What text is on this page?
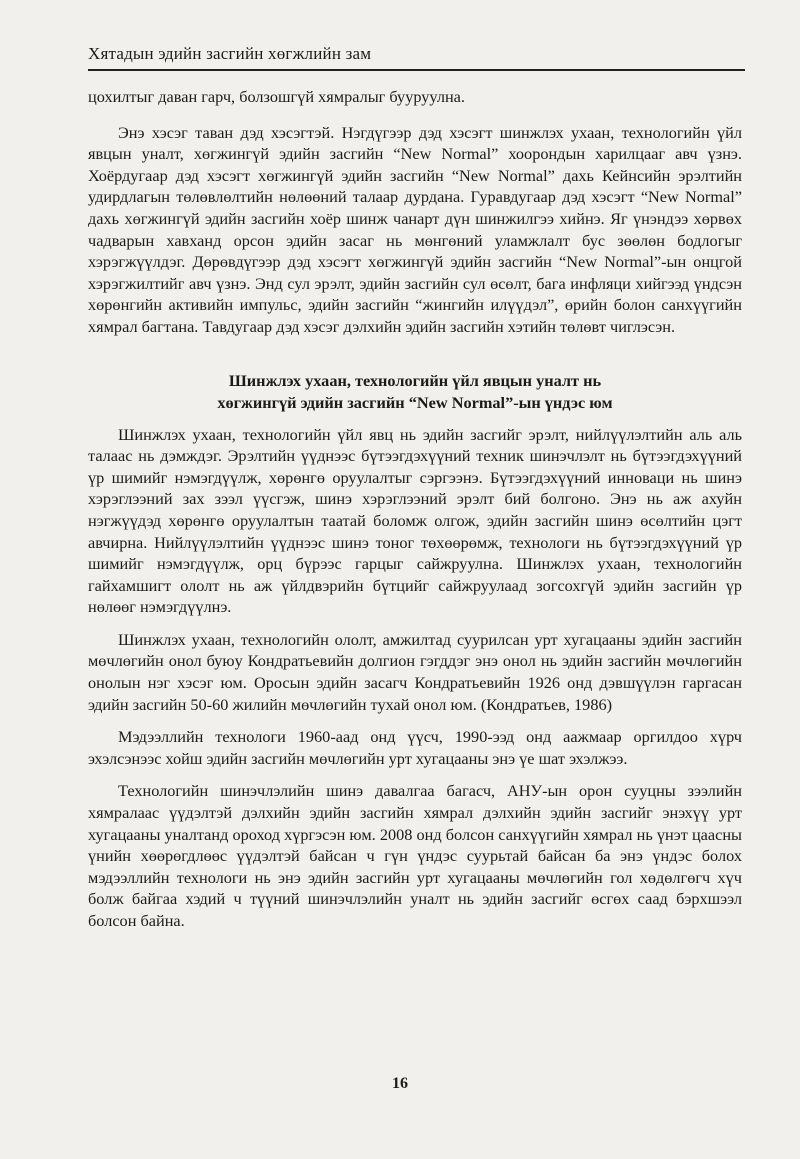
Хятадын эдийн засгийн хөгжлийн зам

цохилтыг даван гарч, болзошгүй хямралыг бууруулна.

Энэ хэсэг таван дэд хэсэгтэй. Нэгдүгээр дэд хэсэгт шинжлэх ухаан, технологийн үйл явцын уналт, хөгжингүй эдийн засгийн “New Normal” хоорондын харилцааг авч үзнэ. Хоёрдугаар дэд хэсэгт хөгжингүй эдийн засгийн “New Normal” дахь Кейнсийн эрэлтийн удирдлагын төлөвлөлтийн нөлөөний талаар дурдана. Гуравдугаар дэд хэсэгт “New Normal” дахь хөгжингүй эдийн засгийн хоёр шинж чанарт дүн шинжилгээ хийнэ. Яг үнэндээ хөрвөх чадварын хавханд орсон эдийн засаг нь мөнгөний уламжлалт бус зөөлөн бодлогыг хэрэгжүүлдэг. Дөрөвдүгээр дэд хэсэгт хөгжингүй эдийн засгийн “New Normal”-ын онцгой хэрэгжилтийг авч үзнэ. Энд сул эрэлт, эдийн засгийн сул өсөлт, бага инфляци хийгээд үндсэн хөрөнгийн активийн импульс, эдийн засгийн “жингийн илүүдэл”, өрийн болон санхүүгийн хямрал багтана. Тавдугаар дэд хэсэг дэлхийн эдийн засгийн хэтийн төлөвт чиглэсэн.

Шинжлэх ухаан, технологийн үйл явцын уналт нь
хөгжингүй эдийн засгийн “New Normal”-ын үндэс юм

Шинжлэх ухаан, технологийн үйл явц нь эдийн засгийг эрэлт, нийлүүлэлтийн аль аль талаас нь дэмждэг. Эрэлтийн үүднээс бүтээгдэхүүний техник шинэчлэлт нь бүтээгдэхүүний үр шимийг нэмэгдүүлж, хөрөнгө оруулалтыг сэргээнэ. Бүтээгдэхүүний инноваци нь шинэ хэрэглээний зах зээл үүсгэж, шинэ хэрэглээний эрэлт бий болгоно. Энэ нь аж ахуйн нэгжүүдэд хөрөнгө оруулалтын таатай боломж олгож, эдийн засгийн шинэ өсөлтийн цэгт авчирна. Нийлүүлэлтийн үүднээс шинэ тоног төхөөрөмж, технологи нь бүтээгдэхүүний үр шимийг нэмэгдүүлж, орц бүрээс гарцыг сайжруулна. Шинжлэх ухаан, технологийн гайхамшигт ололт нь аж үйлдвэрийн бүтцийг сайжруулаад зогсохгүй эдийн засгийн үр нөлөөг нэмэгдүүлнэ.

Шинжлэх ухаан, технологийн ололт, амжилтад суурилсан урт хугацааны эдийн засгийн мөчлөгийн онол буюу Кондратьевийн долгион гэгддэг энэ онол нь эдийн засгийн мөчлөгийн онолын нэг хэсэг юм. Оросын эдийн засагч Кондратьевийн 1926 онд дэвшүүлэн гаргасан эдийн засгийн 50-60 жилийн мөчлөгийн тухай онол юм. (Кондратьев, 1986)

Мэдээллийн технологи 1960-аад онд үүсч, 1990-ээд онд аажмаар оргилдоо хүрч эхэлсэнээс хойш эдийн засгийн мөчлөгийн урт хугацааны энэ үе шат эхэлжээ.

Технологийн шинэчлэлийн шинэ давалгаа багасч, АНУ-ын орон сууцны зээлийн хямралаас үүдэлтэй дэлхийн эдийн засгийн хямрал дэлхийн эдийн засгийг энэхүү урт хугацааны уналтанд ороход хүргэсэн юм. 2008 онд болсон санхүүгийн хямрал нь үнэт цаасны үнийн хөөрөгдлөөс үүдэлтэй байсан ч гүн үндэс суурьтай байсан ба энэ үндэс болох мэдээллийн технологи нь энэ эдийн засгийн урт хугацааны мөчлөгийн гол хөдөлгөгч хүч болж байгаа хэдий ч түүний шинэчлэлийн уналт нь эдийн засгийг өсгөх саад бэрхшээл болсон байна.

16
